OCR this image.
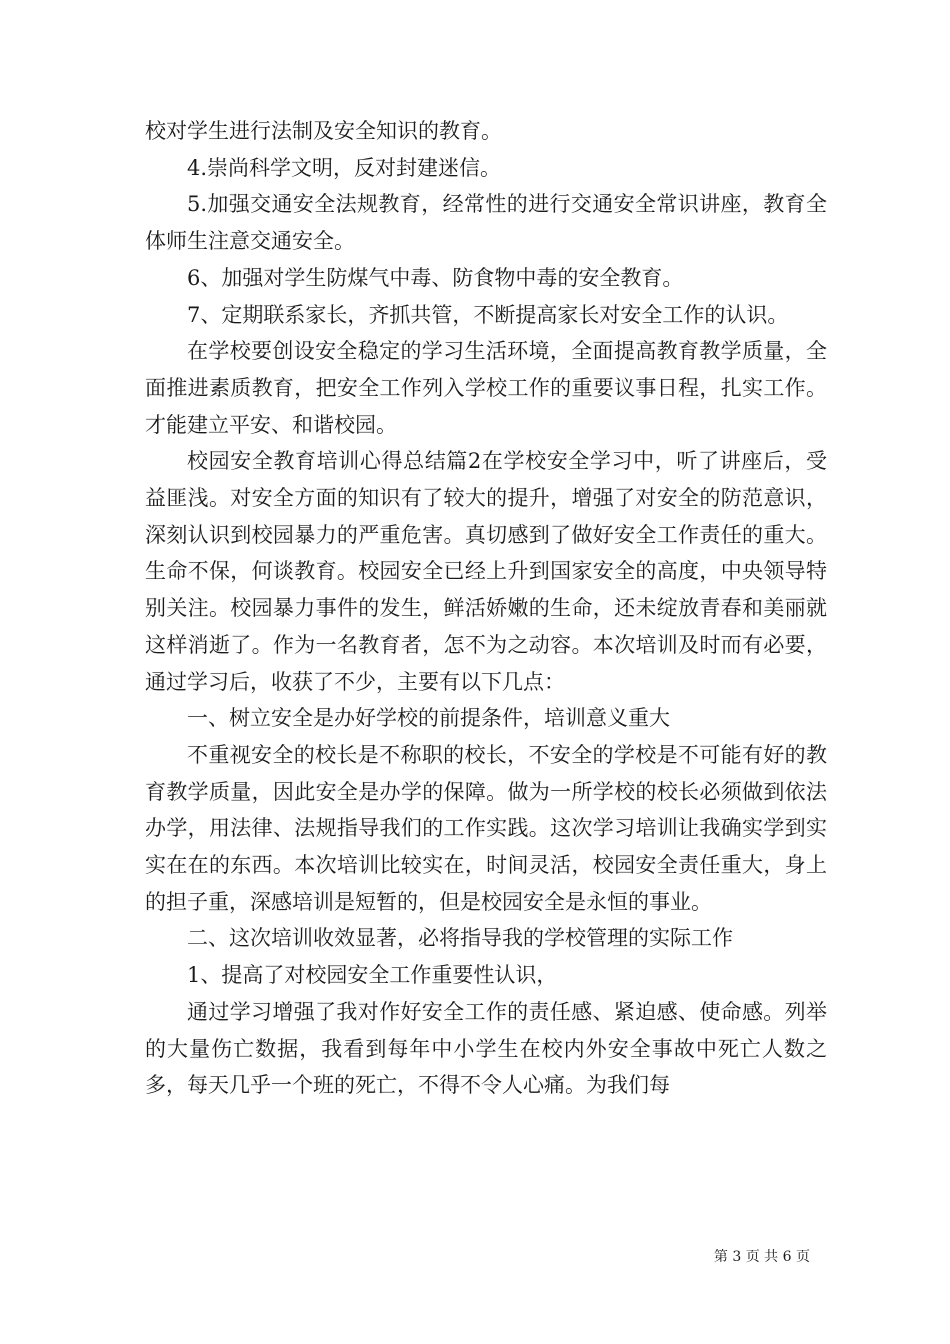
校对学生进行法制及安全知识的教育。

4.崇尚科学文明，反对封建迷信。

5.加强交通安全法规教育，经常性的进行交通安全常识讲座，教育全体师生注意交通安全。

6、加强对学生防煤气中毒、防食物中毒的安全教育。

7、定期联系家长，齐抓共管，不断提高家长对安全工作的认识。

在学校要创设安全稳定的学习生活环境，全面提高教育教学质量，全面推进素质教育，把安全工作列入学校工作的重要议事日程，扎实工作。才能建立平安、和谐校园。

校园安全教育培训心得总结篇2在学校安全学习中，听了讲座后，受益匪浅。对安全方面的知识有了较大的提升，增强了对安全的防范意识，深刻认识到校园暴力的严重危害。真切感到了做好安全工作责任的重大。生命不保，何谈教育。校园安全已经上升到国家安全的高度，中央领导特别关注。校园暴力事件的发生，鲜活娇嫩的生命，还未绽放青春和美丽就这样消逝了。作为一名教育者，怎不为之动容。本次培训及时而有必要，通过学习后，收获了不少，主要有以下几点：

一、树立安全是办好学校的前提条件，培训意义重大

不重视安全的校长是不称职的校长，不安全的学校是不可能有好的教育教学质量，因此安全是办学的保障。做为一所学校的校长必须做到依法办学，用法律、法规指导我们的工作实践。这次学习培训让我确实学到实实在在的东西。本次培训比较实在，时间灵活，校园安全责任重大，身上的担子重，深感培训是短暂的，但是校园安全是永恒的事业。

二、这次培训收效显著，必将指导我的学校管理的实际工作

1、提高了对校园安全工作重要性认识，

通过学习增强了我对作好安全工作的责任感、紧迫感、使命感。列举的大量伤亡数据，我看到每年中小学生在校内外安全事故中死亡人数之多，每天几乎一个班的死亡，不得不令人心痛。为我们每

第 3 页 共 6 页
